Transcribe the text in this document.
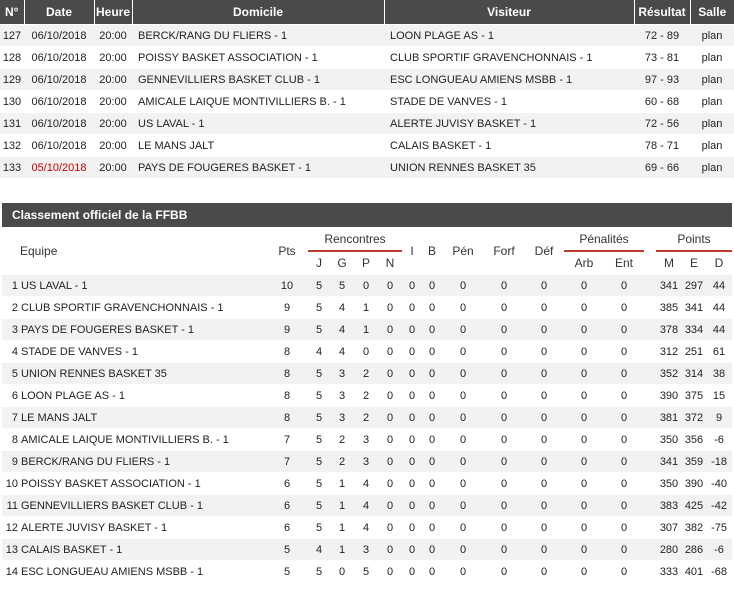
N°	Date	Heure	Domicile	Visiteur	Résultat	Salle
127	06/10/2018	20:00	BERCK/RANG DU FLIERS - 1	LOON PLAGE AS - 1	72 - 89	plan
128	06/10/2018	20:00	POISSY BASKET ASSOCIATION - 1	CLUB SPORTIF GRAVENCHONNAIS - 1	73 - 81	plan
129	06/10/2018	20:00	GENNEVILLIERS BASKET CLUB - 1	ESC LONGUEAU AMIENS MSBB - 1	97 - 93	plan
130	06/10/2018	20:00	AMICALE LAIQUE MONTIVILLIERS B. - 1	STADE DE VANVES - 1	60 - 68	plan
131	06/10/2018	20:00	US LAVAL - 1	ALERTE JUVISY BASKET - 1	72 - 56	plan
132	06/10/2018	20:00	LE MANS JALT	CALAIS BASKET - 1	78 - 71	plan
133	05/10/2018	20:00	PAYS DE FOUGERES BASKET - 1	UNION RENNES BASKET 35	69 - 66	plan
Classement officiel de la FFBB
Equipe		Pts		Rencontres				I	B	Pén	Forf	Déf	Pénalités			Points		
				J	G	P	N						Arb	Ent		M	E	D
1	US LAVAL - 1	10		5	5	0	0	0	0	0	0	0	0	0		341	297	44
2	CLUB SPORTIF GRAVENCHONNAIS - 1	9		5	4	1	0	0	0	0	0	0	0	0		385	341	44
3	PAYS DE FOUGERES BASKET - 1	9		5	4	1	0	0	0	0	0	0	0	0		378	334	44
4	STADE DE VANVES - 1	8		4	4	0	0	0	0	0	0	0	0	0		312	251	61
5	UNION RENNES BASKET 35	8		5	3	2	0	0	0	0	0	0	0	0		352	314	38
6	LOON PLAGE AS - 1	8		5	3	2	0	0	0	0	0	0	0	0		390	375	15
7	LE MANS JALT	8		5	3	2	0	0	0	0	0	0	0	0		381	372	9
8	AMICALE LAIQUE MONTIVILLIERS B. - 1	7		5	2	3	0	0	0	0	0	0	0	0		350	356	-6
9	BERCK/RANG DU FLIERS - 1	7		5	2	3	0	0	0	0	0	0	0	0		341	359	-18
10	POISSY BASKET ASSOCIATION - 1	6		5	1	4	0	0	0	0	0	0	0	0		350	390	-40
11	GENNEVILLIERS BASKET CLUB - 1	6		5	1	4	0	0	0	0	0	0	0	0		383	425	-42
12	ALERTE JUVISY BASKET - 1	6		5	1	4	0	0	0	0	0	0	0	0		307	382	-75
13	CALAIS BASKET - 1	5		4	1	3	0	0	0	0	0	0	0	0		280	286	-6
14	ESC LONGUEAU AMIENS MSBB - 1	5		5	0	5	0	0	0	0	0	0	0	0		333	401	-68
